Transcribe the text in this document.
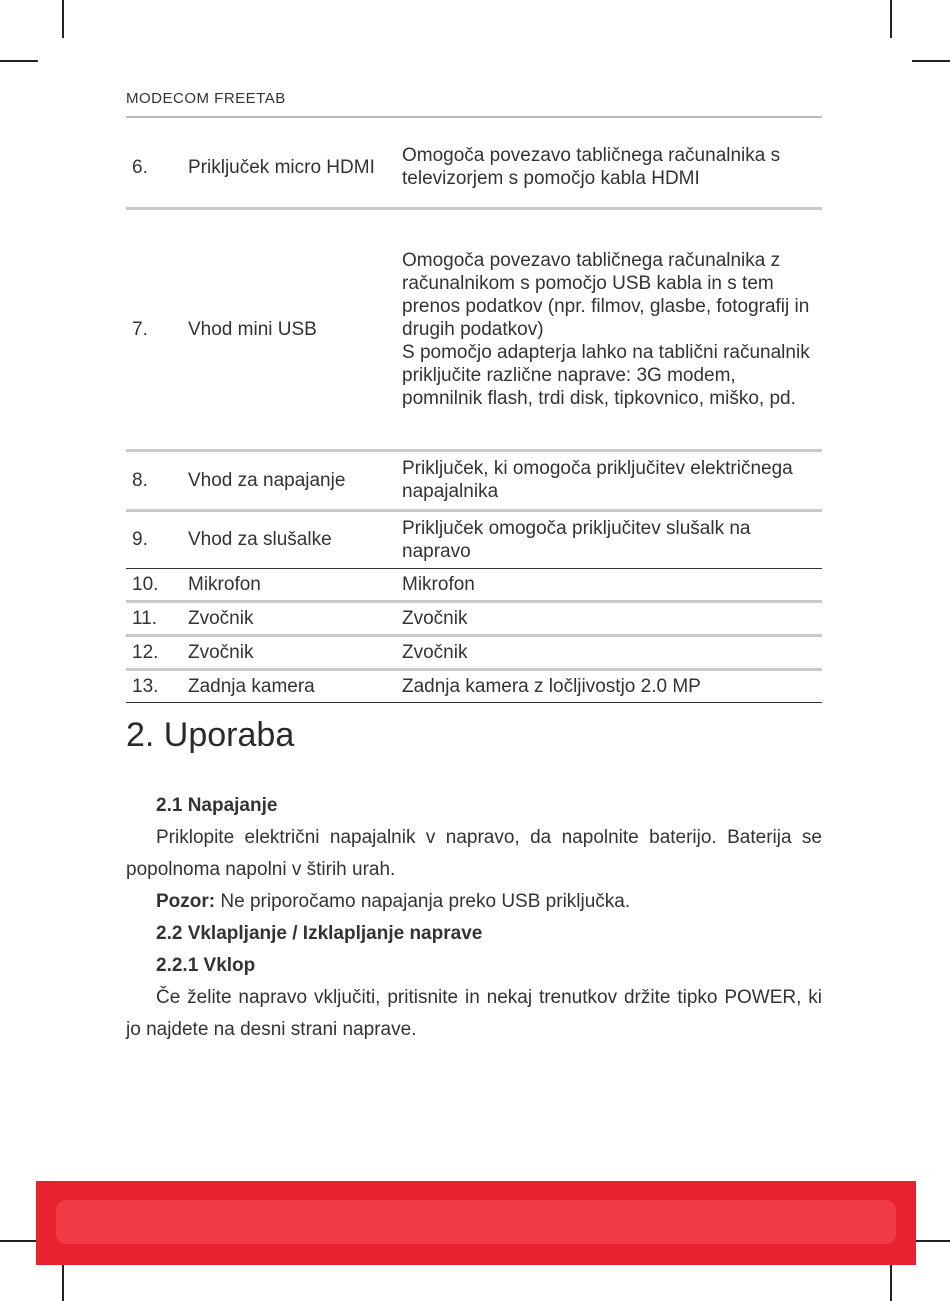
MODECOM FREETAB
6.	Priključek micro HDMI	Omogoča povezavo tabličnega računalnika s televizorjem s pomočjo kabla HDMI
7.	Vhod mini USB	Omogoča povezavo tabličnega računalnika z računalnikom s pomočjo USB kabla in s tem prenos podatkov (npr. filmov, glasbe, fotografij in drugih podatkov)
S pomočjo adapterja lahko na tablični računalnik priključite različne naprave: 3G modem, pomnilnik flash, trdi disk, tipkovnico, miško, pd.
8.	Vhod za napajanje	Priključek, ki omogoča priključitev električnega napajalnika
9.	Vhod za slušalke	Priključek omogoča priključitev slušalk na napravo
10.	Mikrofon	Mikrofon
11.	Zvočnik	Zvočnik
12.	Zvočnik	Zvočnik
13.	Zadnja kamera	Zadnja kamera z ločljivostjo 2.0 MP
2. Uporaba

2.1 Napajanje

Priklopite električni napajalnik v napravo, da napolnite baterijo. Baterija se popolnoma napolni v štirih urah.

Pozor: Ne priporočamo napajanja preko USB priključka.

2.2 Vklapljanje / Izklapljanje naprave

2.2.1 Vklop

Če želite napravo vključiti, pritisnite in nekaj trenutkov držite tipko POWER, ki jo najdete na desni strani naprave.
